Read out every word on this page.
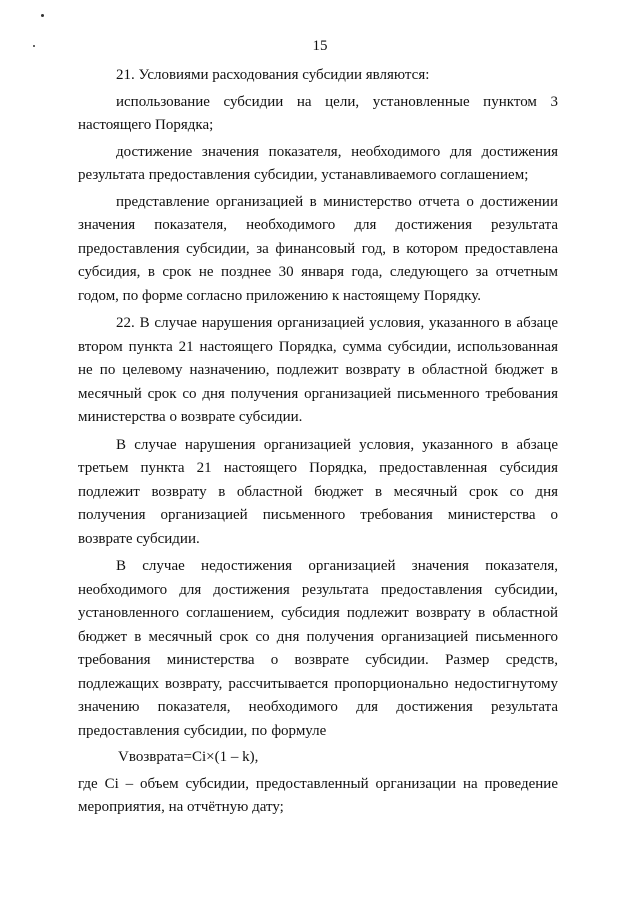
15

21. Условиями расходования субсидии являются:

использование субсидии на цели, установленные пунктом 3 настоящего Порядка;

достижение значения показателя, необходимого для достижения результата предоставления субсидии, устанавливаемого соглашением;

представление организацией в министерство отчета о достижении значения показателя, необходимого для достижения результата предоставления субсидии, за финансовый год, в котором предоставлена субсидия, в срок не позднее 30 января года, следующего за отчетным годом, по форме согласно приложению к настоящему Порядку.

22. В случае нарушения организацией условия, указанного в абзаце втором пункта 21 настоящего Порядка, сумма субсидии, использованная не по целевому назначению, подлежит возврату в областной бюджет в месячный срок со дня получения организацией письменного требования министерства о возврате субсидии.

В случае нарушения организацией условия, указанного в абзаце третьем пункта 21 настоящего Порядка, предоставленная субсидия подлежит возврату в областной бюджет в месячный срок со дня получения организацией письменного требования министерства о возврате субсидии.

В случае недостижения организацией значения показателя, необходимого для достижения результата предоставления субсидии, установленного соглашением, субсидия подлежит возврату в областной бюджет в месячный срок со дня получения организацией письменного требования министерства о возврате субсидии. Размер средств, подлежащих возврату, рассчитывается пропорционально недостигнутому значению показателя, необходимого для достижения результата предоставления субсидии, по формуле

Vвозврата=Ci×(1 – k),

где Ci – объем субсидии, предоставленный организации на проведение мероприятия, на отчётную дату;
